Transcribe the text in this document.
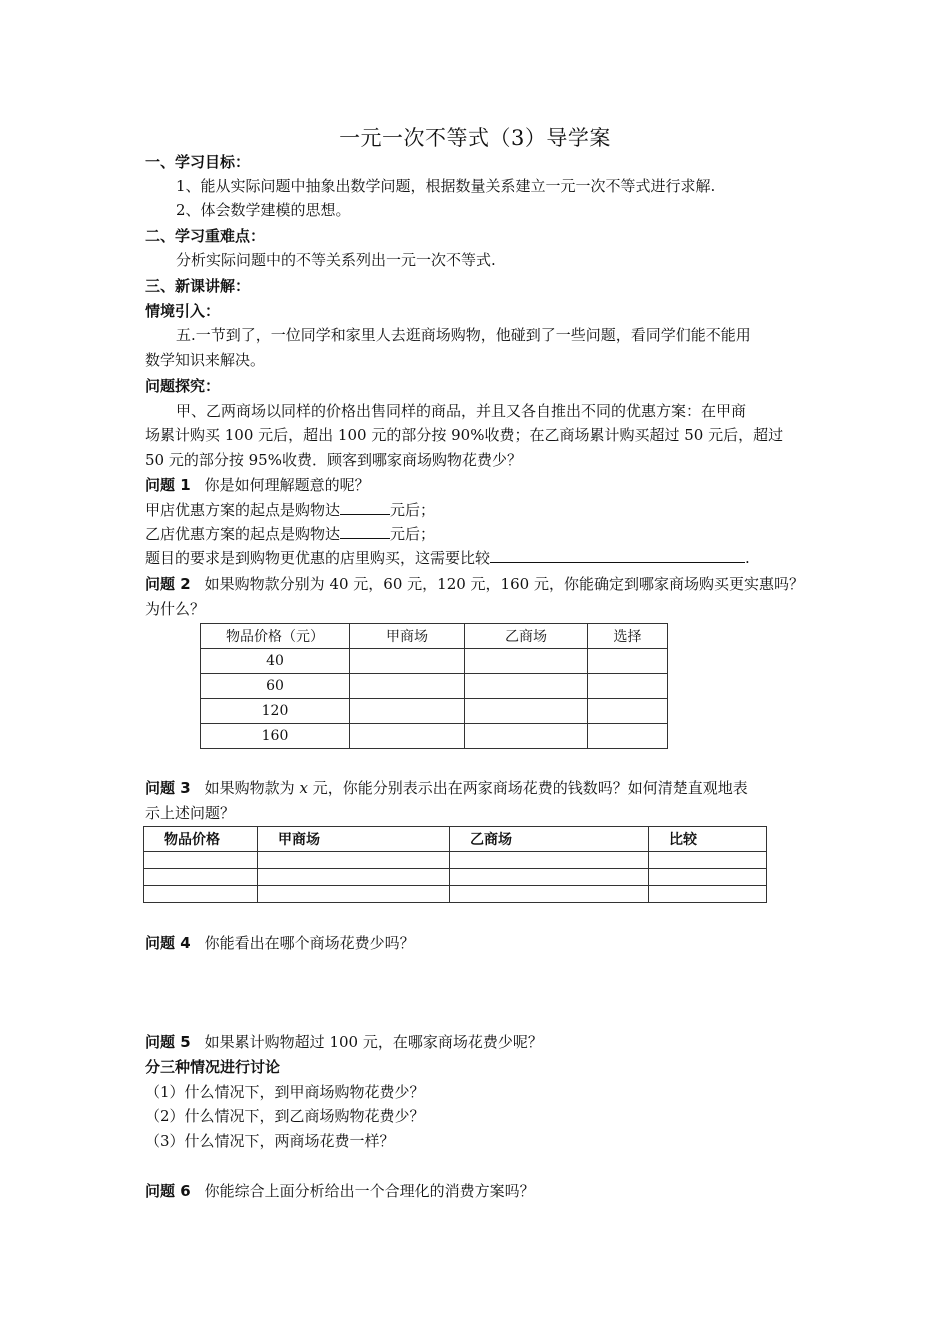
一元一次不等式（3）导学案
一、学习目标：
1、能从实际问题中抽象出数学问题，根据数量关系建立一元一次不等式进行求解.
2、体会数学建模的思想。
二、学习重难点：
分析实际问题中的不等关系列出一元一次不等式.
三、新课讲解：
情境引入：
五.一节到了，一位同学和家里人去逛商场购物，他碰到了一些问题，看同学们能不能用
数学知识来解决。
问题探究：
甲、乙两商场以同样的价格出售同样的商品，并且又各自推出不同的优惠方案：在甲商
场累计购买 100 元后，超出 100 元的部分按 90%收费；在乙商场累计购买超过 50 元后，超过
50 元的部分按 95%收费．顾客到哪家商场购物花费少？
问题 1 你是如何理解题意的呢？
甲店优惠方案的起点是购物达	元后；
乙店优惠方案的起点是购物达	元后；
题目的要求是到购物更优惠的店里购买，这需要比较	.
问题 2 如果购物款分别为 40 元，60 元，120 元，160 元，你能确定到哪家商场购买更实惠吗？
为什么？
物品价格（元）	甲商场	乙商场	选择
40			
60			
120			
160			
问题 3 如果购物款为 x 元，你能分别表示出在两家商场花费的钱数吗？如何清楚直观地表
示上述问题？
物品价格	甲商场	乙商场	比较

问题 4 你能看出在哪个商场花费少吗？
问题 5 如果累计购物超过 100 元，在哪家商场花费少呢？
分三种情况进行讨论
（1）什么情况下，到甲商场购物花费少？
（2）什么情况下，到乙商场购物花费少？
（3）什么情况下，两商场花费一样？
问题 6 你能综合上面分析给出一个合理化的消费方案吗？
